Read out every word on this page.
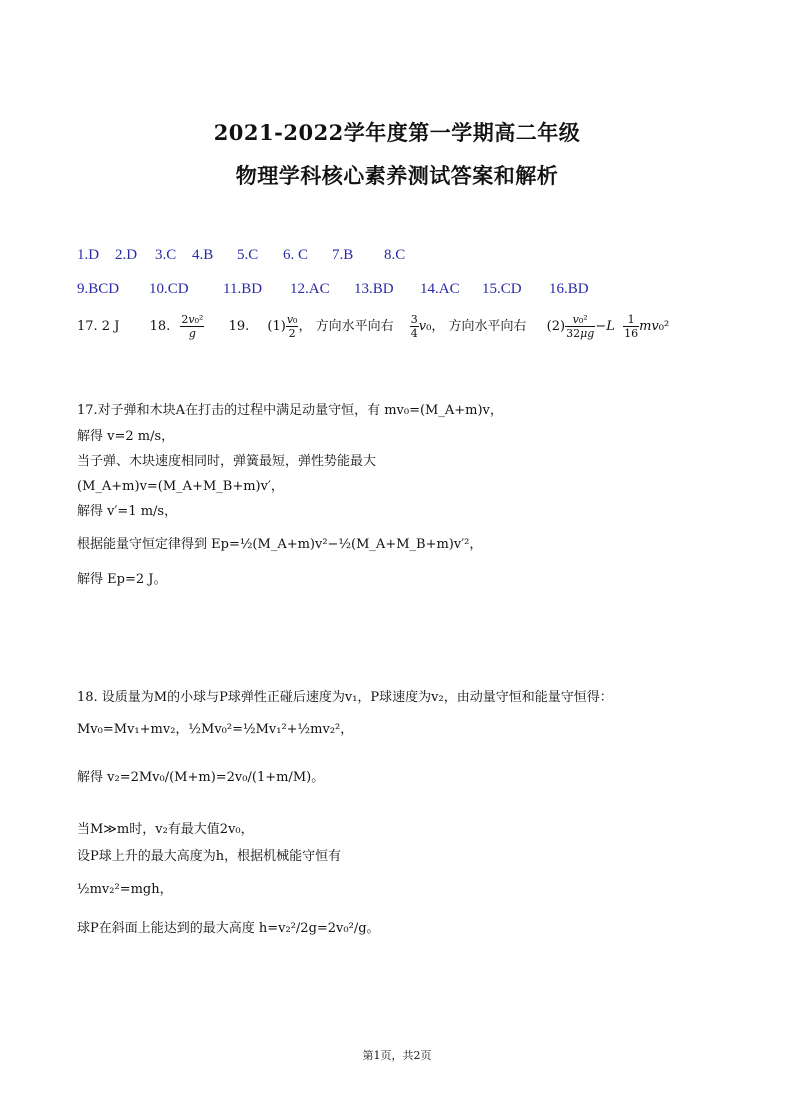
2021-2022学年度第一学期高二年级
物理学科核心素养测试答案和解析
1.D 2.D 3.C 4.B 5.C 6. C 7.B 8.C
9.BCD 10.CD 11.BD 12.AC 13.BD 14.AC 15.CD 16.BD
17. 2 J 18. $\frac{\text{2v₀²}}{g} 19$. $(1) \frac{\text{v₀}}{2}$ ， 方向水平向右 $\frac{3}{4} v_0$， 方向水平向右 $(2) \frac{\text{v₀²}}{32\mu g} -L \frac{1}{16} mv_0^2$
17.对子弹和木块A在打击的过程中满足动量守恒，有 mv₀=(M_A+m)v，
解得 v=2 m/s，
当子弹、木块速度相同时，弹簧最短，弹性势能最大
(M_A+m)v=(M_A+M_B+m)v′，
解得 v′=1 m/s，
根据能量守恒定律得到 Ep=½(M_A+m)v²−½(M_A+M_B+m)v′²，
解得 Ep=2 J。
18. 设质量为M的小球与P球弹性正碰后速度为v₁，P球速度为v₂，由动量守恒和能量守恒得：
Mv₀=Mv₁+mv₂，½Mv₀²=½Mv₁²+½mv₂²，
解得 v₂=2Mv₀/(M+m)=2v₀/(1+m/M)。
当M≫m时，v₂有最大值2v₀，
设P球上升的最大高度为h，根据机械能守恒有
½mv₂²=mgh，
球P在斜面上能达到的最大高度 h=v₂²/2g=2v₀²/g。
第1页，共2页
